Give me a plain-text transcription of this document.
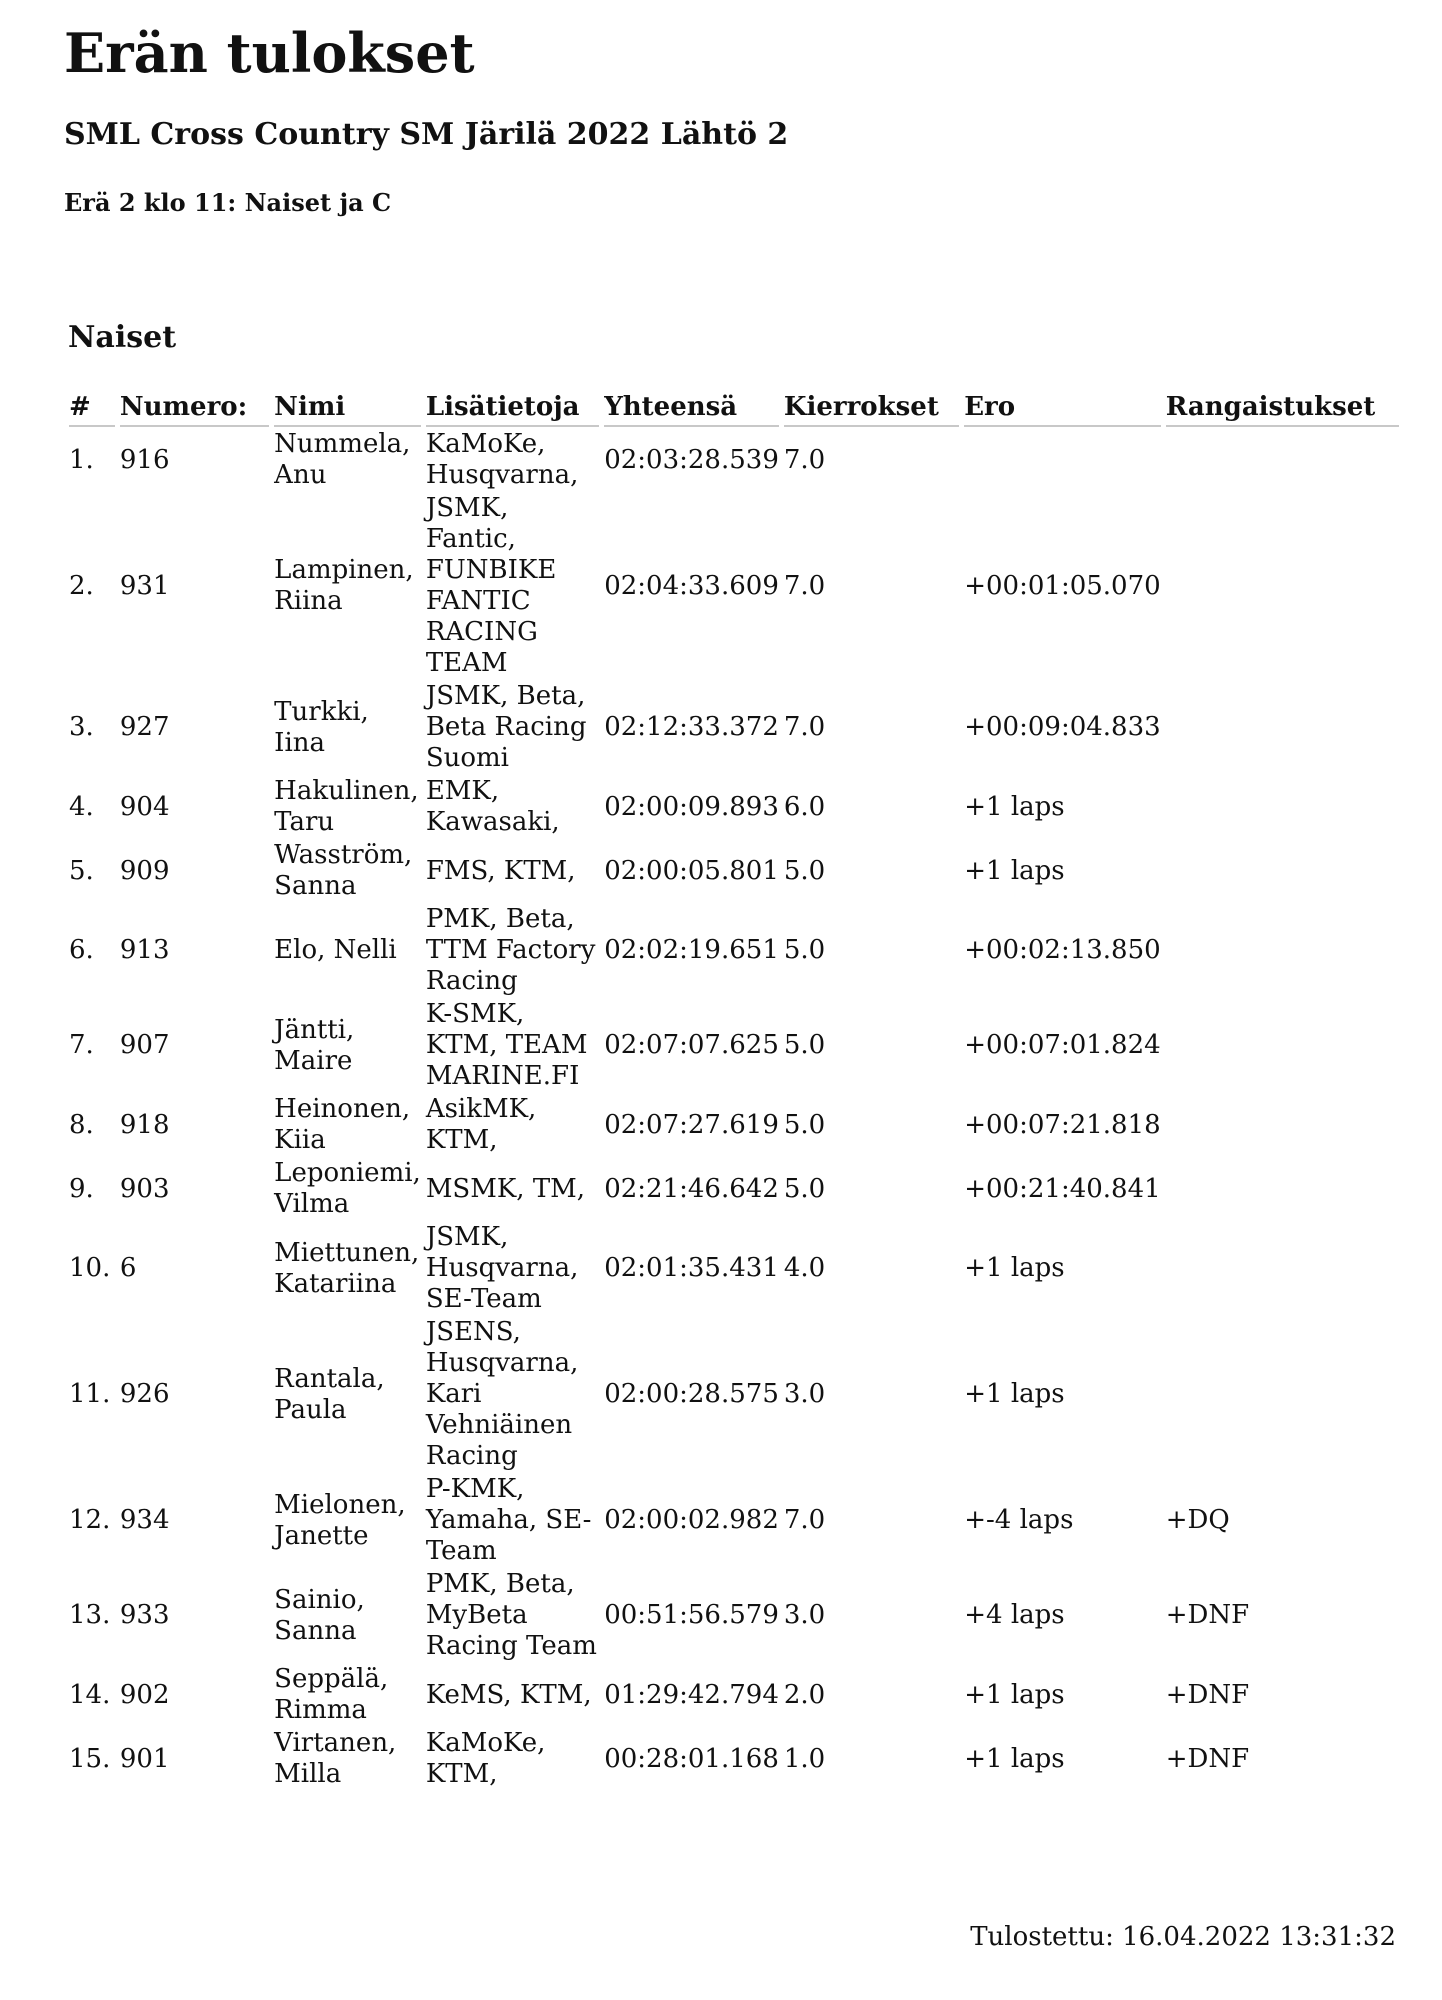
Erän tulokset
SML Cross Country SM Järilä 2022 Lähtö 2
Erä 2 klo 11: Naiset ja C
Naiset
#	Numero:	Nimi	Lisätietoja	Yhteensä	Kierrokset	Ero	Rangaistukset
1.	916	Nummela, Anu	KaMoKe, Husqvarna,	02:03:28.539	7.0		
2.	931	Lampinen, Riina	JSMK, Fantic, FUNBIKE FANTIC RACING TEAM	02:04:33.609	7.0	+00:01:05.070	
3.	927	Turkki, Iina	JSMK, Beta, Beta Racing Suomi	02:12:33.372	7.0	+00:09:04.833	
4.	904	Hakulinen, Taru	EMK, Kawasaki,	02:00:09.893	6.0	+1 laps	
5.	909	Wasström, Sanna	FMS, KTM,	02:00:05.801	5.0	+1 laps	
6.	913	Elo, Nelli	PMK, Beta, TTM Factory Racing	02:02:19.651	5.0	+00:02:13.850	
7.	907	Jäntti, Maire	K-SMK, KTM, TEAM MARINE.FI	02:07:07.625	5.0	+00:07:01.824	
8.	918	Heinonen, Kiia	AsikMK, KTM,	02:07:27.619	5.0	+00:07:21.818	
9.	903	Leponiemi, Vilma	MSMK, TM,	02:21:46.642	5.0	+00:21:40.841	
10.	6	Miettunen, Katariina	JSMK, Husqvarna, SE-Team	02:01:35.431	4.0	+1 laps	
11.	926	Rantala, Paula	JSENS, Husqvarna, Kari Vehniäinen Racing	02:00:28.575	3.0	+1 laps	
12.	934	Mielonen, Janette	P-KMK, Yamaha, SE-Team	02:00:02.982	7.0	+-4 laps	+DQ
13.	933	Sainio, Sanna	PMK, Beta, MyBeta Racing Team	00:51:56.579	3.0	+4 laps	+DNF
14.	902	Seppälä, Rimma	KeMS, KTM,	01:29:42.794	2.0	+1 laps	+DNF
15.	901	Virtanen, Milla	KaMoKe, KTM,	00:28:01.168	1.0	+1 laps	+DNF
Tulostettu: 16.04.2022 13:31:32
